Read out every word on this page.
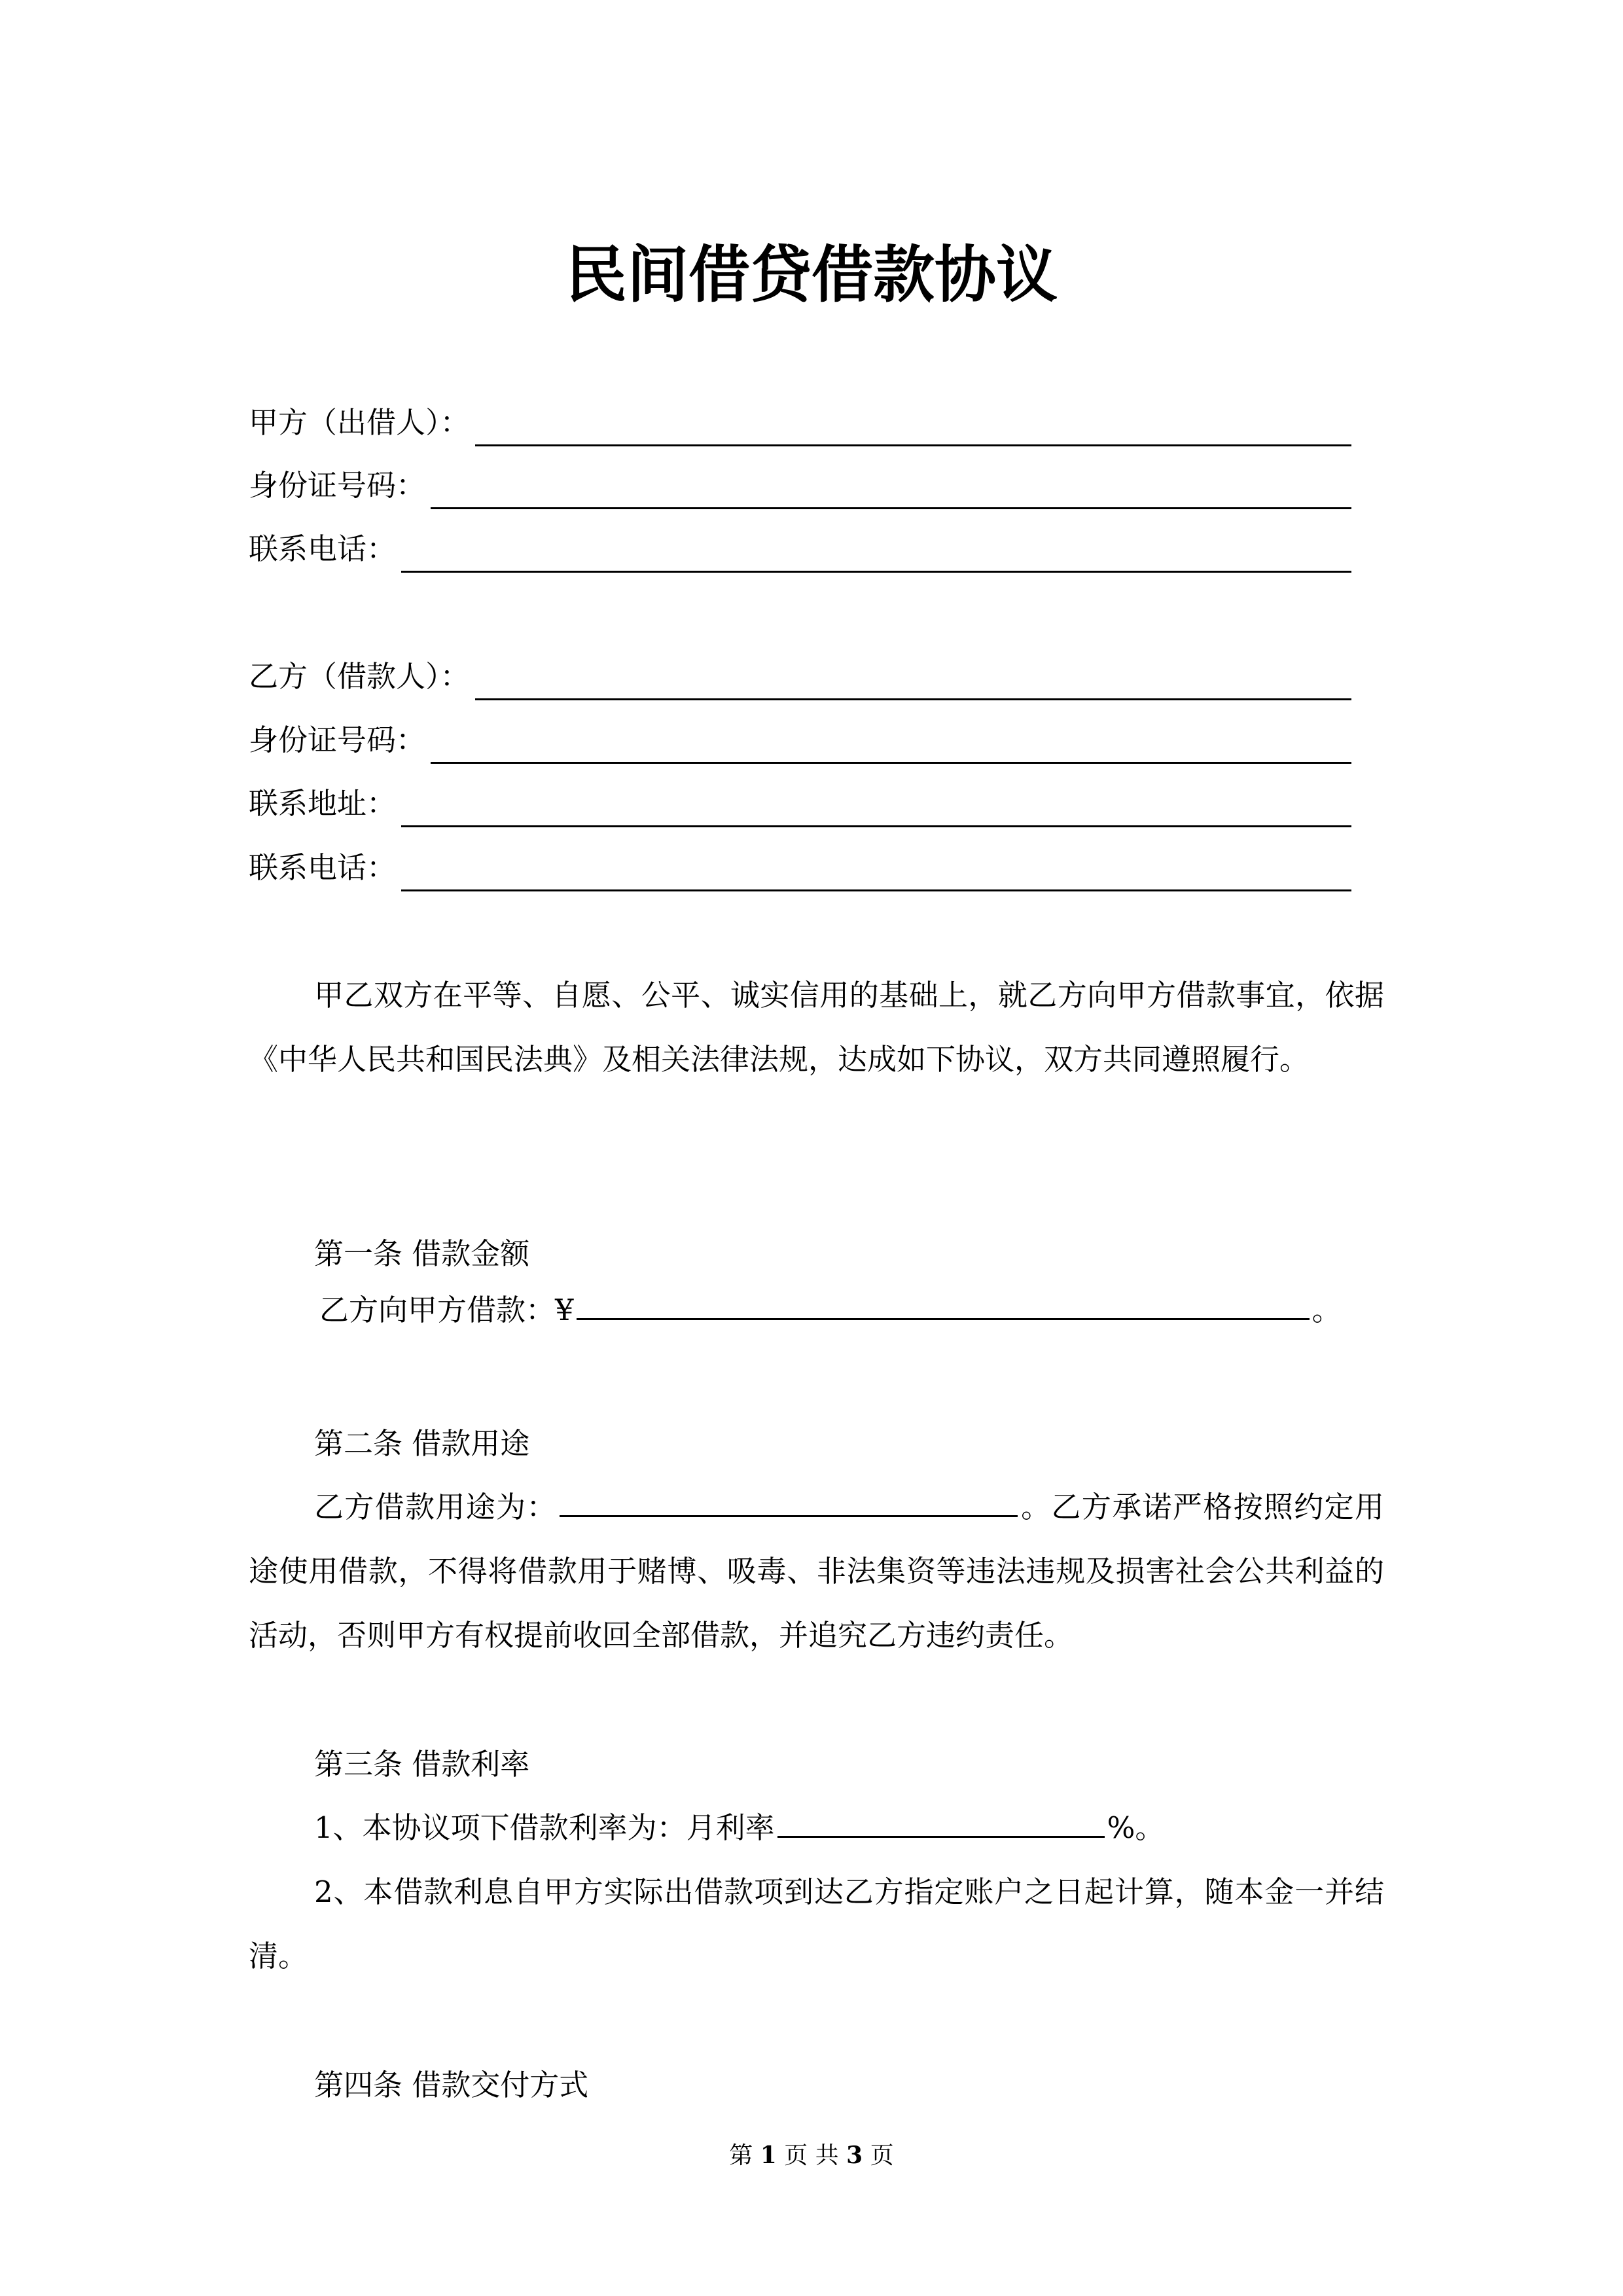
民间借贷借款协议
甲方（出借人）：
身份证号码：
联系电话：
乙方（借款人）：
身份证号码：
联系地址：
联系电话：
甲乙双方在平等、自愿、公平、诚实信用的基础上，就乙方向甲方借款事宜，依据《中华人民共和国民法典》及相关法律法规，达成如下协议，双方共同遵照履行。
第一条 借款金额
乙方向甲方借款：¥	。
第二条 借款用途
乙方借款用途为：	。乙方承诺严格按照约定用途使用借款，不得将借款用于赌博、吸毒、非法集资等违法违规及损害社会公共利益的活动，否则甲方有权提前收回全部借款，并追究乙方违约责任。
第三条 借款利率
1、本协议项下借款利率为：月利率	%。
2、本借款利息自甲方实际出借款项到达乙方指定账户之日起计算，随本金一并结清。
第四条 借款交付方式
第 1 页 共 3 页
